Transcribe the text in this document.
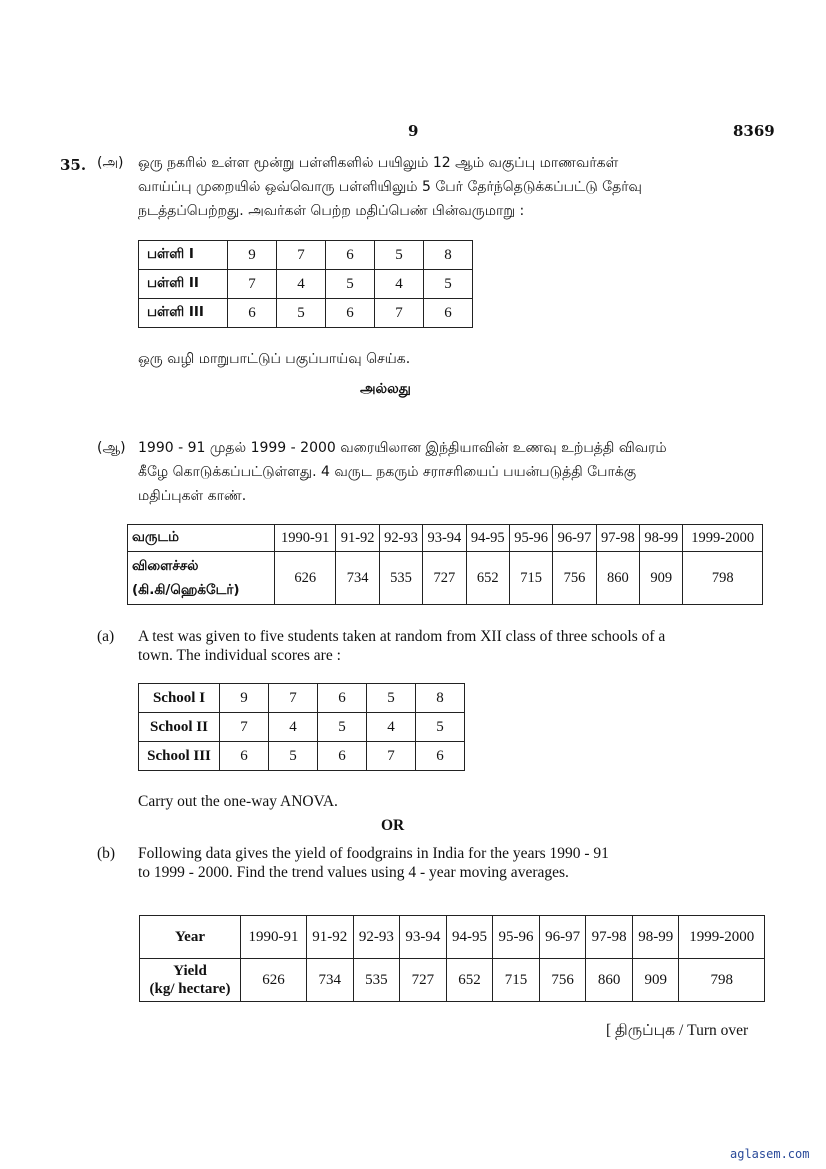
9	8369
35. (அ) ஒரு நகரில் உள்ள மூன்று பள்ளிகளில் பயிலும் 12 ஆம் வகுப்பு மாணவர்கள்
வாய்ப்பு முறையில் ஒவ்வொரு பள்ளியிலும் 5 பேர் தேர்ந்தெடுக்கப்பட்டு தேர்வு
நடத்தப்பெற்றது. அவர்கள் பெற்ற மதிப்பெண் பின்வருமாறு :
பள்ளி I	9	7	6	5	8
பள்ளி II	7	4	5	4	5
பள்ளி III	6	5	6	7	6
ஒரு வழி மாறுபாட்டுப் பகுப்பாய்வு செய்க.
அல்லது
(ஆ) 1990 - 91 முதல் 1999 - 2000 வரையிலான இந்தியாவின் உணவு உற்பத்தி விவரம்
கீழே கொடுக்கப்பட்டுள்ளது. 4 வருட நகரும் சராசரியைப் பயன்படுத்தி போக்கு
மதிப்புகள் காண்.
வருடம்	1990-91	91-92	92-93	93-94	94-95	95-96	96-97	97-98	98-99	1999-2000

விளைச்சல்
(கி.கி/ஹெக்டேர்)	626	734	535	727	652	715	756	860	909	798
(a) A test was given to five students taken at random from XII class of three schools of a
town. The individual scores are :
School I	9	7	6	5	8
School II	7	4	5	4	5
School III	6	5	6	7	6
Carry out the one-way ANOVA.
OR
(b) Following data gives the yield of foodgrains in India for the years 1990 - 91
to 1999 - 2000. Find the trend values using 4 - year moving averages.
Year	1990-91	91-92	92-93	93-94	94-95	95-96	96-97	97-98	98-99	1999-2000

Yield
(kg/ hectare)	626	734	535	727	652	715	756	860	909	798
[ திருப்புக / Turn over
aglasem.com
